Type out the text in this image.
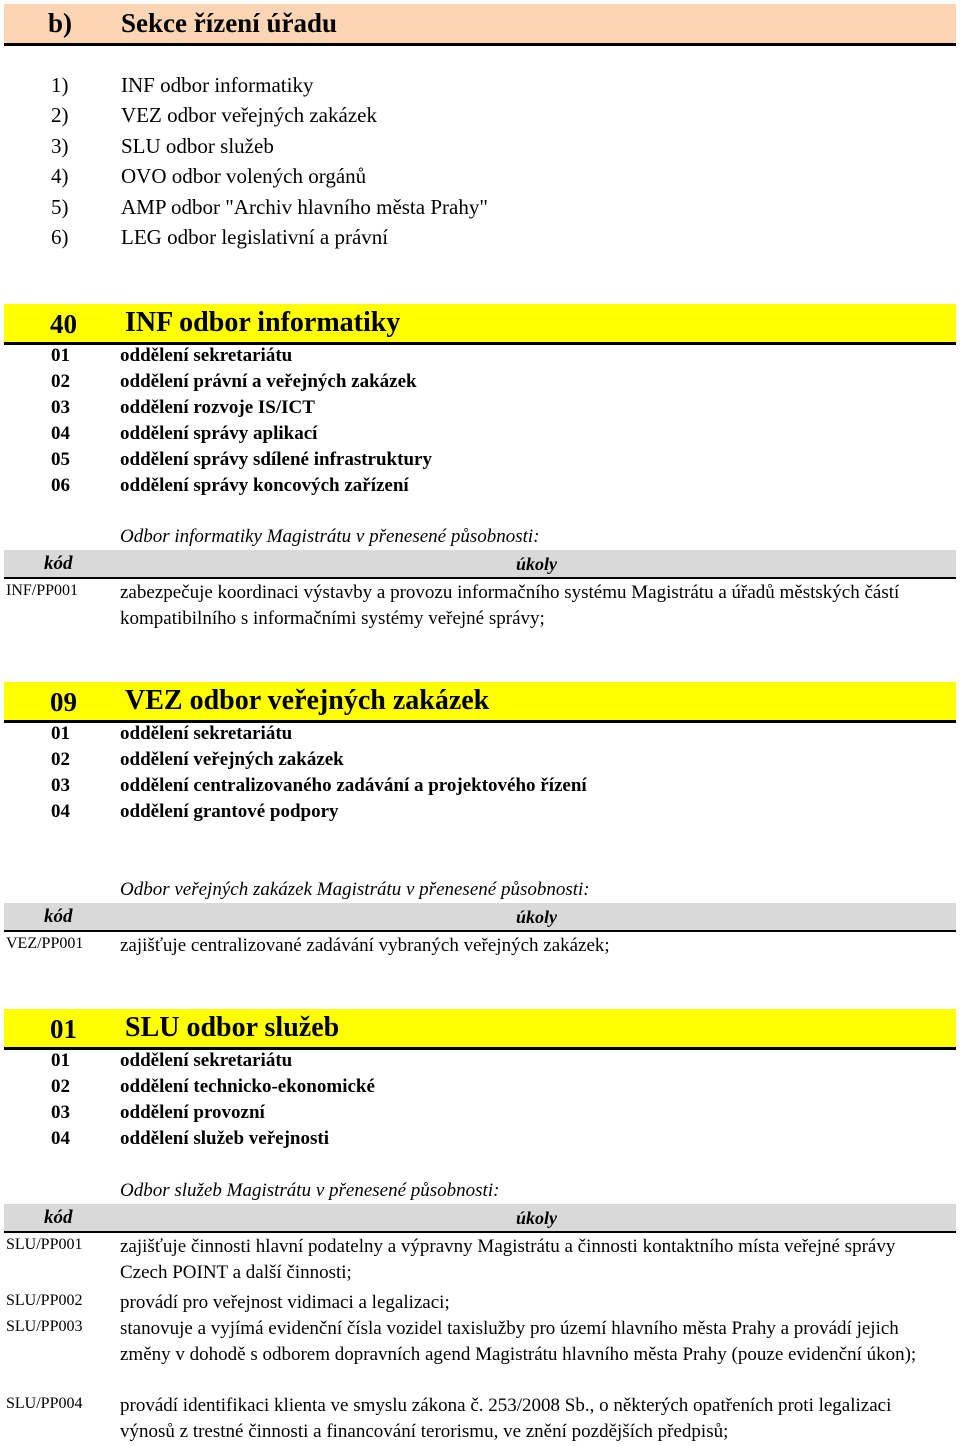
b) Sekce řízení úřadu
1)	INF odbor informatiky
2)	VEZ odbor veřejných zakázek
3)	SLU odbor služeb
4)	OVO odbor volených orgánů
5)	AMP odbor "Archiv hlavního města Prahy"
6)	LEG odbor legislativní a právní
40 INF odbor informatiky
01	oddělení sekretariátu
02	oddělení právní a veřejných zakázek
03	oddělení rozvoje IS/ICT
04	oddělení správy aplikací
05	oddělení správy sdílené infrastruktury
06	oddělení správy koncových zařízení
Odbor informatiky Magistrátu v přenesené působnosti:
kód	úkoly
INF/PP001 zabezpečuje koordinaci výstavby a provozu informačního systému Magistrátu a úřadů městských částí kompatibilního s informačními systémy veřejné správy;
09 VEZ odbor veřejných zakázek
01	oddělení sekretariátu
02	oddělení veřejných zakázek
03	oddělení centralizovaného zadávání a projektového řízení
04	oddělení grantové podpory
Odbor veřejných zakázek Magistrátu v přenesené působnosti:
kód	úkoly
VEZ/PP001 zajišťuje centralizované zadávání vybraných veřejných zakázek;
01 SLU odbor služeb
01	oddělení sekretariátu
02	oddělení technicko-ekonomické
03	oddělení provozní
04	oddělení služeb veřejnosti
Odbor služeb Magistrátu v přenesené působnosti:
kód	úkoly
SLU/PP001 zajišťuje činnosti hlavní podatelny a výpravny Magistrátu a činnosti kontaktního místa veřejné správy Czech POINT a další činnosti;
SLU/PP002 provádí pro veřejnost vidimaci a legalizaci;
SLU/PP003 stanovuje a vyjímá evidenční čísla vozidel taxislužby pro území hlavního města Prahy a provádí jejich změny v dohodě s odborem dopravních agend Magistrátu hlavního města Prahy (pouze evidenční úkon);
SLU/PP004 provádí identifikaci klienta ve smyslu zákona č. 253/2008 Sb., o některých opatřeních proti legalizaci výnosů z trestné činnosti a financování terorismu, ve znění pozdějších předpisů;
